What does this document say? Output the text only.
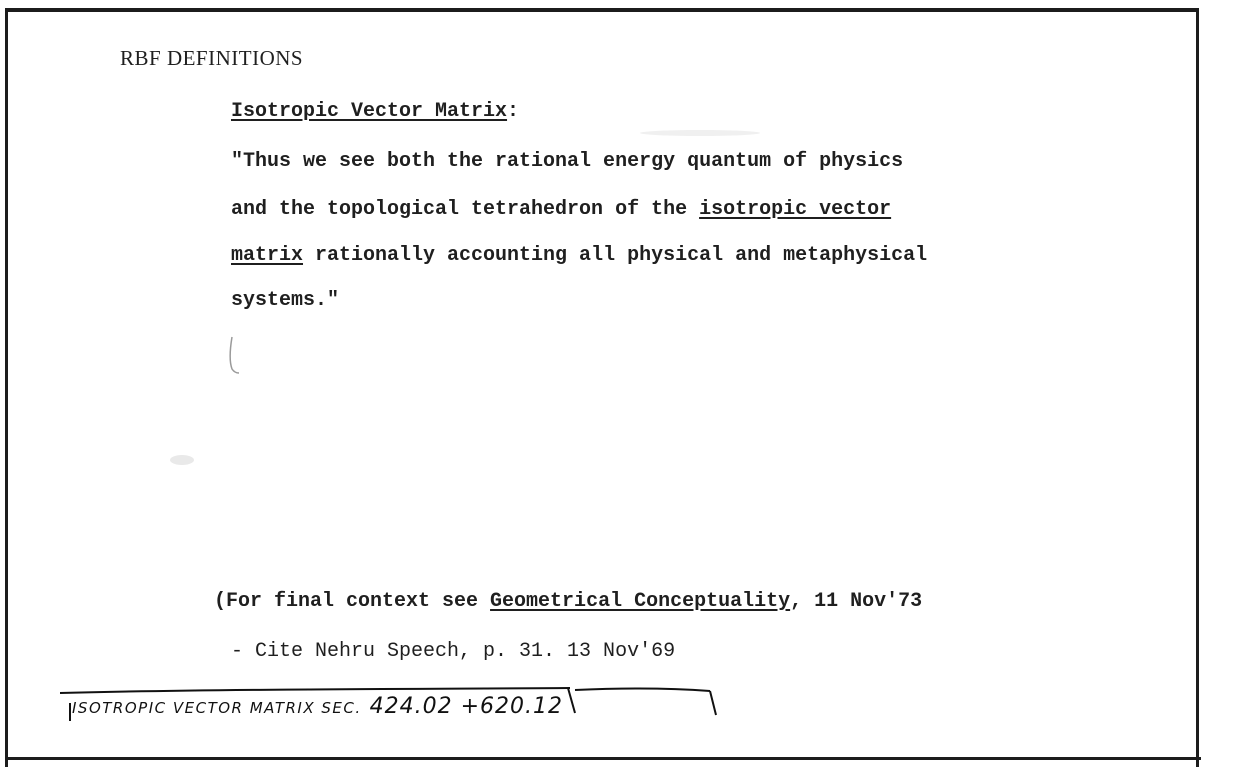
RBF DEFINITIONS
Isotropic Vector Matrix:
"Thus we see both the rational energy quantum of physics
and the topological tetrahedron of the isotropic vector
matrix rationally accounting all physical and metaphysical
systems."
(For final context see Geometrical Conceptuality, 11 Nov'73
- Cite Nehru Speech, p. 31. 13 Nov'69
ISOTROPIC VECTOR MATRIX SEC. 424.02 +620.12
